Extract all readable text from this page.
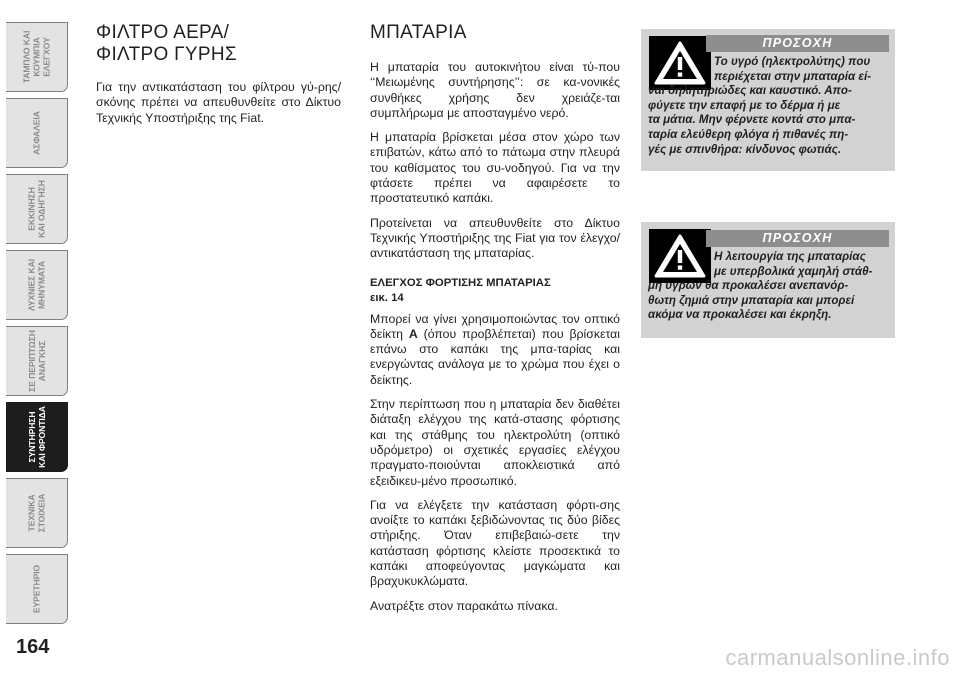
ΤΑΜΠΛΟ ΚΑΙ ΚΟΥΜΠΙΑ ΕΛΕΓΧΟΥ
ΑΣΦΑΛΕΙΑ
ΕΚΚΙΝΗΣΗ ΚΑΙ ΟΔΗΓΗΣΗ
ΛΥΧΝΙΕΣ ΚΑΙ ΜΗΝΥΜΑΤΑ
ΣΕ ΠΕΡΙΠΤΩΣΗ ΑΝΑΓΚΗΣ
ΣΥΝΤΗΡΗΣΗ ΚΑΙ ΦΡΟΝΤΙΔΑ
ΤΕΧΝΙΚΑ ΣΤΟΙΧΕΙΑ
ΕΥΡΕΤΗΡΙΟ
164
ΦΙΛΤΡΟ ΑΕΡΑ/
ΦΙΛΤΡΟ ΓΥΡΗΣ

Για την αντικατάσταση του φίλτρου γύ-ρης/σκόνης πρέπει να απευθυνθείτε στο Δίκτυο Τεχνικής Υποστήριξης της Fiat.

ΜΠΑΤΑΡΙΑ

Η μπαταρία του αυτοκινήτου είναι τύ-που ‘‘Μειωμένης συντήρησης’’: σε κα-νονικές συνθήκες χρήσης δεν χρειάζε-ται συμπλήρωμα με αποσταγμένο νερό.

Η μπαταρία βρίσκεται μέσα στον χώρο των επιβατών, κάτω από το πάτωμα στην πλευρά του καθίσματος του συ-νοδηγού. Για να την φτάσετε πρέπει να αφαιρέσετε το προστατευτικό καπάκι.

Προτείνεται να απευθυνθείτε στο Δίκτυο Τεχνικής Υποστήριξης της Fiat για τον έλεγχο/αντικατάσταση της μπαταρίας.

ΕΛΕΓΧΟΣ ΦΟΡΤΙΣΗΣ ΜΠΑΤΑΡΙΑΣ
εικ. 14

Μπορεί να γίνει χρησιμοποιώντας τον οπτικό δείκτη A (όπου προβλέπεται) που βρίσκεται επάνω στο καπάκι της μπα-ταρίας και ενεργώντας ανάλογα με το χρώμα που έχει ο δείκτης.

Στην περίπτωση που η μπαταρία δεν διαθέτει διάταξη ελέγχου της κατά-στασης φόρτισης και της στάθμης του ηλεκτρολύτη (οπτικό υδρόμετρο) οι σχετικές εργασίες ελέγχου πραγματο-ποιούνται αποκλειστικά από εξειδικευ-μένο προσωπικό.

Για να ελέγξετε την κατάσταση φόρτι-σης ανοίξτε το καπάκι ξεβιδώνοντας τις δύο βίδες στήριξης. Όταν επιβεβαιώ-σετε την κατάσταση φόρτισης κλείστε προσεκτικά το καπάκι αποφεύγοντας μαγκώματα και βραχυκυκλώματα.

Ανατρέξτε στον παρακάτω πίνακα.

ΠΡΟΣΟΧΗ
Το υγρό (ηλεκτρολύτης) που
περιέχεται στην μπαταρία εί-
ναι δηλητηριώδες και καυστικό. Απο-
φύγετε την επαφή με το δέρμα ή με
τα μάτια. Μην φέρνετε κοντά στο μπα-
ταρία ελεύθερη φλόγα ή πιθανές πη-
γές με σπινθήρα: κίνδυνος φωτιάς.
ΠΡΟΣΟΧΗ
Η λειτουργία της μπαταρίας
με υπερβολικά χαμηλή στάθ-
μη υγρών θα προκαλέσει ανεπανόρ-
θωτη ζημιά στην μπαταρία και μπορεί
ακόμα να προκαλέσει και έκρηξη.
carmanualsonline.info
